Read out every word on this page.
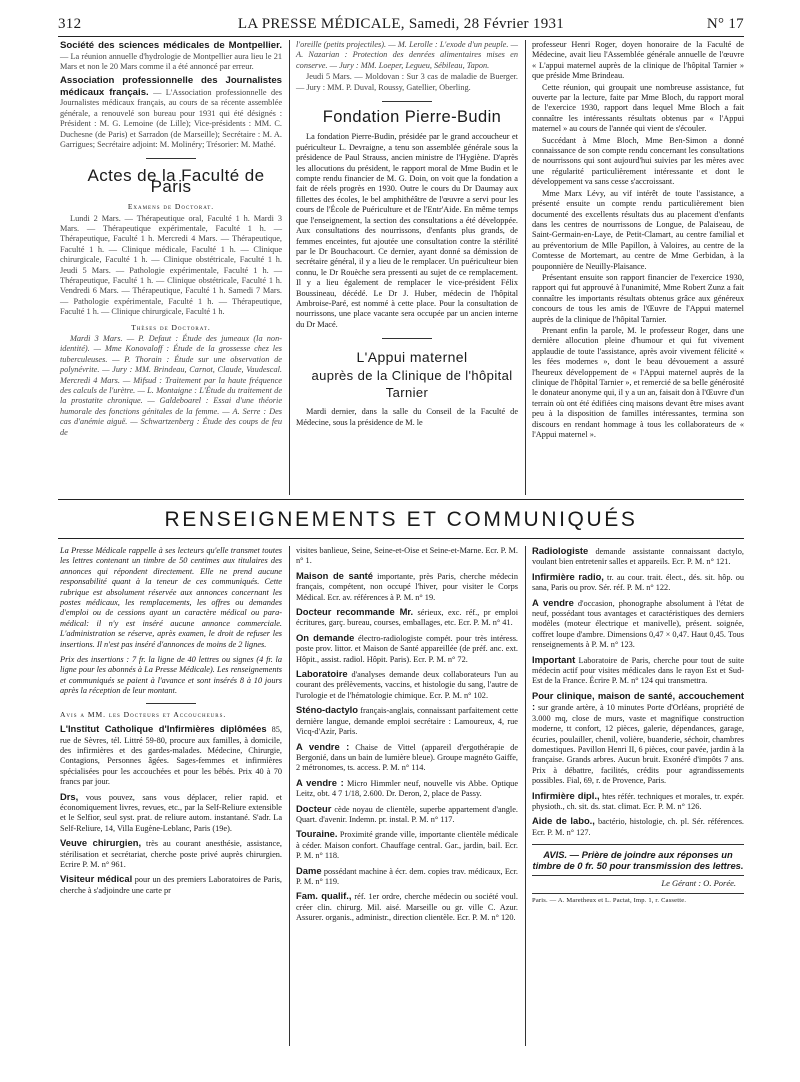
312	LA PRESSE MÉDICALE, Samedi, 28 Février 1931	N° 17

Société des sciences médicales de Montpellier. — La réunion annuelle d'hydrologie de Montpellier aura lieu le 21 Mars et non le 20 Mars comme il a été annoncé par erreur.

Association professionnelle des Journalistes médicaux français. — L'Association professionnelle des Journalistes médicaux français, au cours de sa récente assemblée générale, a renouvelé son bureau pour 1931 qui été désignés : Président : M. G. Lemoine (de Lille); Vice-présidents : MM. C. Duchesne (de Paris) et Sarradon (de Marseille); Secrétaire : M. A. Garrigues; Secrétaire adjoint: M. Molinéry; Trésorier: M. Mathé.

Actes de la Faculté de Paris

Examens de Doctorat.

Lundi 2 Mars. — Thérapeutique oral, Faculté 1 h. Mardi 3 Mars. — Thérapeutique expérimentale, Faculté 1 h. — Thérapeutique, Faculté 1 h. Mercredi 4 Mars. — Thérapeutique, Faculté 1 h. — Clinique médicale, Faculté 1 h. — Clinique chirurgicale, Faculté 1 h. — Clinique obstétricale, Faculté 1 h. Jeudi 5 Mars. — Pathologie expérimentale, Faculté 1 h. — Thérapeutique, Faculté 1 h. — Clinique obstétricale, Faculté 1 h. Vendredi 6 Mars. — Thérapeutique, Faculté 1 h. Samedi 7 Mars. — Pathologie expérimentale, Faculté 1 h. — Thérapeutique, Faculté 1 h. — Clinique chirurgicale, Faculté 1 h.

Thèses de Doctorat.

Mardi 3 Mars. — P. Defaut : Étude des jumeaux (la non-identité). — Mme Konovaloff : Étude de la grossesse chez les tuberculeuses. — P. Thorain : Étude sur une observation de polynévrite. — Jury : MM. Brindeau, Carnot, Claude, Vaudescal. Mercredi 4 Mars. — Mifsud : Traitement par la haute fréquence des calculs de l'urètre. — L. Montaigne : L'Étude du traitement de la prostatite chronique. — Galdeboarel : Essai d'une théorie humorale des fonctions génitales de la femme. — A. Serre : Des cas d'anémie aiguë. — Schwartzenberg : Étude des coups de feu de

l'oreille (petits projectiles). — M. Lerolle : L'exode d'un peuple. — A. Nazarian : Protection des denrées alimentaires mises en conserve. — Jury : MM. Loeper, Legueu, Sébileau, Tapon.

Jeudi 5 Mars. — Moldovan : Sur 3 cas de maladie de Buerger. — Jury : MM. P. Duval, Roussy, Gatellier, Oberling.

Fondation Pierre-Budin

La fondation Pierre-Budin, présidée par le grand accoucheur et puériculteur L. Devraigne, a tenu son assemblée générale sous la présidence de Paul Strauss, ancien ministre de l'Hygiène. D'après les allocutions du président, le rapport moral de Mme Budin et le compte rendu financier de M. G. Doin, on voit que la fondation a fait de réels progrès en 1930. Outre le cours du Dr Daumay aux fillettes des écoles, le bel amphithéâtre de l'œuvre a servi pour les cours de l'École de Puériculture et de l'Entr'Aide. En même temps que l'enseignement, la section des consultations a été développée. Aux consultations des nourrissons, d'enfants plus grands, de femmes enceintes, fut ajoutée une consultation contre la stérilité par le Dr Bouchacourt. Ce dernier, ayant donné sa démission de secrétaire général, il y a lieu de le remplacer. Un puériculteur bien connu, le Dr Rouèche sera pressenti au sujet de ce remplacement. Il y a lieu également de remplacer le vice-président Félix Boussineau, décédé. Le Dr J. Huber, médecin de l'hôpital Ambroise-Paré, est nommé à cette place. Pour la consultation de nourrissons, une place vacante sera occupée par un ancien interne du Dr Macé.

L'Appui maternel

auprès de la Clinique de l'hôpital Tarnier

Mardi dernier, dans la salle du Conseil de la Faculté de Médecine, sous la présidence de M. le

professeur Henri Roger, doyen honoraire de la Faculté de Médecine, avait lieu l'Assemblée générale annuelle de l'œuvre « L'appui maternel auprès de la clinique de l'hôpital Tarnier » que préside Mme Brindeau.

Cette réunion, qui groupait une nombreuse assistance, fut ouverte par la lecture, faite par Mme Bloch, du rapport moral de l'exercice 1930, rapport dans lequel Mme Bloch a fait connaître les intéressants résultats obtenus par « l'Appui maternel » au cours de l'année qui vient de s'écouler.

Succédant à Mme Bloch, Mme Ben-Simon a donné connaissance de son compte rendu concernant les consultations de nourrissons qui sont aujourd'hui suivies par les mères avec une régularité particulièrement intéressante et dont le développement va sans cesse s'accroissant.

Mme Marx Lévy, au vif intérêt de toute l'assistance, a présenté ensuite un compte rendu particulièrement bien documenté des excellents résultats dus au placement d'enfants dans les centres de nourrissons de Longue, de Palaiseau, de Saint-Germain-en-Laye, de Petit-Clamart, au centre familial et au préventorium de Mlle Papillon, à Valoires, au centre de la Comtesse de Mortemart, au centre de Mme Gerbidan, à la pouponnière de Neuilly-Plaisance.

Présentant ensuite son rapport financier de l'exercice 1930, rapport qui fut approuvé à l'unanimité, Mme Robert Zunz a fait connaître les importants résultats obtenus grâce aux généreux concours de tous les amis de l'Œuvre de l'Appui maternel auprès de la clinique de l'hôpital Tarnier.

Prenant enfin la parole, M. le professeur Roger, dans une dernière allocution pleine d'humour et qui fut vivement applaudie de toute l'assistance, après avoir vivement félicité « les fées modernes », dont le beau dévouement a assuré l'heureux développement de « l'Appui maternel auprès de la clinique de l'hôpital Tarnier », et remercié de sa belle générosité le donateur anonyme qui, il y a un an, faisait don à l'Œuvre d'un terrain où ont été édifiées cinq maisons devant être mises avant peu à la disposition de familles intéressantes, termina son discours en rendant hommage à tous les collaborateurs de « l'Appui maternel ».

RENSEIGNEMENTS ET COMMUNIQUÉS

La Presse Médicale rappelle à ses lecteurs qu'elle transmet toutes les lettres contenant un timbre de 50 centimes aux titulaires des annonces qui répondent directement. Elle ne prend aucune responsabilité quant à la teneur de ces communiqués. Cette rubrique est absolument réservée aux annonces concernant les postes médicaux, les remplacements, les offres ou demandes d'emploi ou de cessions ayant un caractère médical ou para-médical: il n'y est inséré aucune annonce commerciale. L'administration se réserve, après examen, le droit de refuser les insertions. Il n'est pas inséré d'annonces de moins de 2 lignes.

Prix des insertions : 7 fr. la ligne de 40 lettres ou signes (4 fr. la ligne pour les abonnés à La Presse Médicale). Les renseignements et communiqués se paient à l'avance et sont insérés 8 à 10 jours après la réception de leur montant.

Avis a MM. les Docteurs et Accoucheurs.

L'Institut Catholique d'Infirmières diplômées 85, rue de Sèvres, tél. Littré 59-80, procure aux familles, à domicile, des infirmières et des gardes-malades. Médecine, Chirurgie, Contagions, Personnes âgées. Sages-femmes et infirmières spécialisées pour les accouchées et pour les bébés. Prix 40 à 70 francs par jour.

Drs, vous pouvez, sans vous déplacer, relier rapid. et économiquement livres, revues, etc., par la Self-Reliure extensible et le Selfior, seul syst. prat. de reliure autom. instantané. S'adr. La Self-Reliure, 14, Villa Eugène-Leblanc, Paris (19e).

Veuve chirurgien, très au courant anesthésie, assistance, stérilisation et secrétariat, cherche poste privé auprès chirurgien. Ecrire P. M. n° 961.

Visiteur médical pour un des premiers Laboratoires de Paris, cherche à s'adjoindre une carte pr

visites banlieue, Seine, Seine-et-Oise et Seine-et-Marne. Ecr. P. M. n° 1.

Maison de santé importante, près Paris, cherche médecin français, compétent, non occupé l'hiver, pour visiter le Corps Médical. Ecr. av. références à P. M. n° 19.

Docteur recommande Mr. sérieux, exc. réf., pr emploi écritures, garç. bureau, courses, emballages, etc. Ecr. P. M. n° 41.

On demande électro-radiologiste compét. pour très intéress. poste prov. littor. et Maison de Santé appareillée (de préf. anc. ext. Hôpit., assist. radiol. Hôpit. Paris). Ecr. P. M. n° 72.

Laboratoire d'analyses demande deux collaborateurs l'un au courant des prélèvements, vaccins, et histologie du sang, l'autre de l'urologie et de l'hématologie chimique. Ecr. P. M. n° 102.

Sténo-dactylo français-anglais, connaissant parfaitement cette dernière langue, demande emploi secrétaire : Lamoureux, 4, rue Vicq-d'Azir, Paris.

A vendre : Chaise de Vittel (appareil d'ergothérapie de Bergonié, dans un bain de lumière bleue). Groupe magnéto Gaiffe, 2 métronomes, ts. access. P. M. n° 114.

A vendre : Micro Himmler neuf, nouvelle vis Abbe. Optique Leitz, obt. 4 7 1/18, 2.600. Dr. Deron, 2, place de Passy.

Docteur cède noyau de clientèle, superbe appartement d'angle. Quart. d'avenir. Indemn. pr. instal. P. M. n° 117.

Touraine. Proximité grande ville, importante clientèle médicale à céder. Maison confort. Chauffage central. Gar., jardin, bail. Ecr. P. M. n° 118.

Dame possédant machine à écr. dem. copies trav. médicaux, Ecr. P. M. n° 119.

Fam. qualif., réf. 1er ordre, cherche médecin ou société voul. créer clin. chirurg. Mil. aisé. Marseille ou gr. ville C. Azur. Assurer. organis., administr., direction clientèle. Ecr. P. M. n° 120.

Radiologiste demande assistante connaissant dactylo, voulant bien entretenir salles et appareils. Ecr. P. M. n° 121.

Infirmière radio, tr. au cour. trait. élect., dés. sit. hôp. ou sana, Paris ou prov. Sér. réf. P. M. n° 122.

A vendre d'occasion, phonographe absolument à l'état de neuf, possédant tous avantages et caractéristiques des derniers modèles (moteur électrique et manivelle), présent. soignée, coffret loupe d'ambre. Dimensions 0,47 × 0,47. Haut 0,45. Tous renseignements à P. M. n° 123.

Important Laboratoire de Paris, cherche pour tout de suite médecin actif pour visites médicales dans le rayon Est et Sud-Est de la France. Écrire P. M. n° 124 qui transmettra.

Pour clinique, maison de santé, accouchement : sur grande artère, à 10 minutes Porte d'Orléans, propriété de 3.000 mq, close de murs, vaste et magnifique construction moderne, tt confort, 12 pièces, galerie, dépendances, garage, écuries, poulailler, chenil, volière, buanderie, séchoir, chambres domestiques. Pavillon Henri II, 6 pièces, cour pavée, jardin à la française. Grands arbres. Aucun bruit. Exonéré d'impôts 7 ans. Prix à débattre, facilités, crédits pour agrandissements possibles. Fial, 69, r. de Provence, Paris.

Infirmière dipl., htes référ. techniques et morales, tr. expér. physioth., ch. sit. ds. stat. climat. Ecr. P. M. n° 126.

Aide de labo., bactério, histologie, ch. pl. Sér. références. Ecr. P. M. n° 127.

AVIS. — Prière de joindre aux réponses un timbre de 0 fr. 50 pour transmission des lettres.

Le Gérant : O. Porée.

Paris. — A. Maretheux et L. Pactat, Imp. 1, r. Cassette.
